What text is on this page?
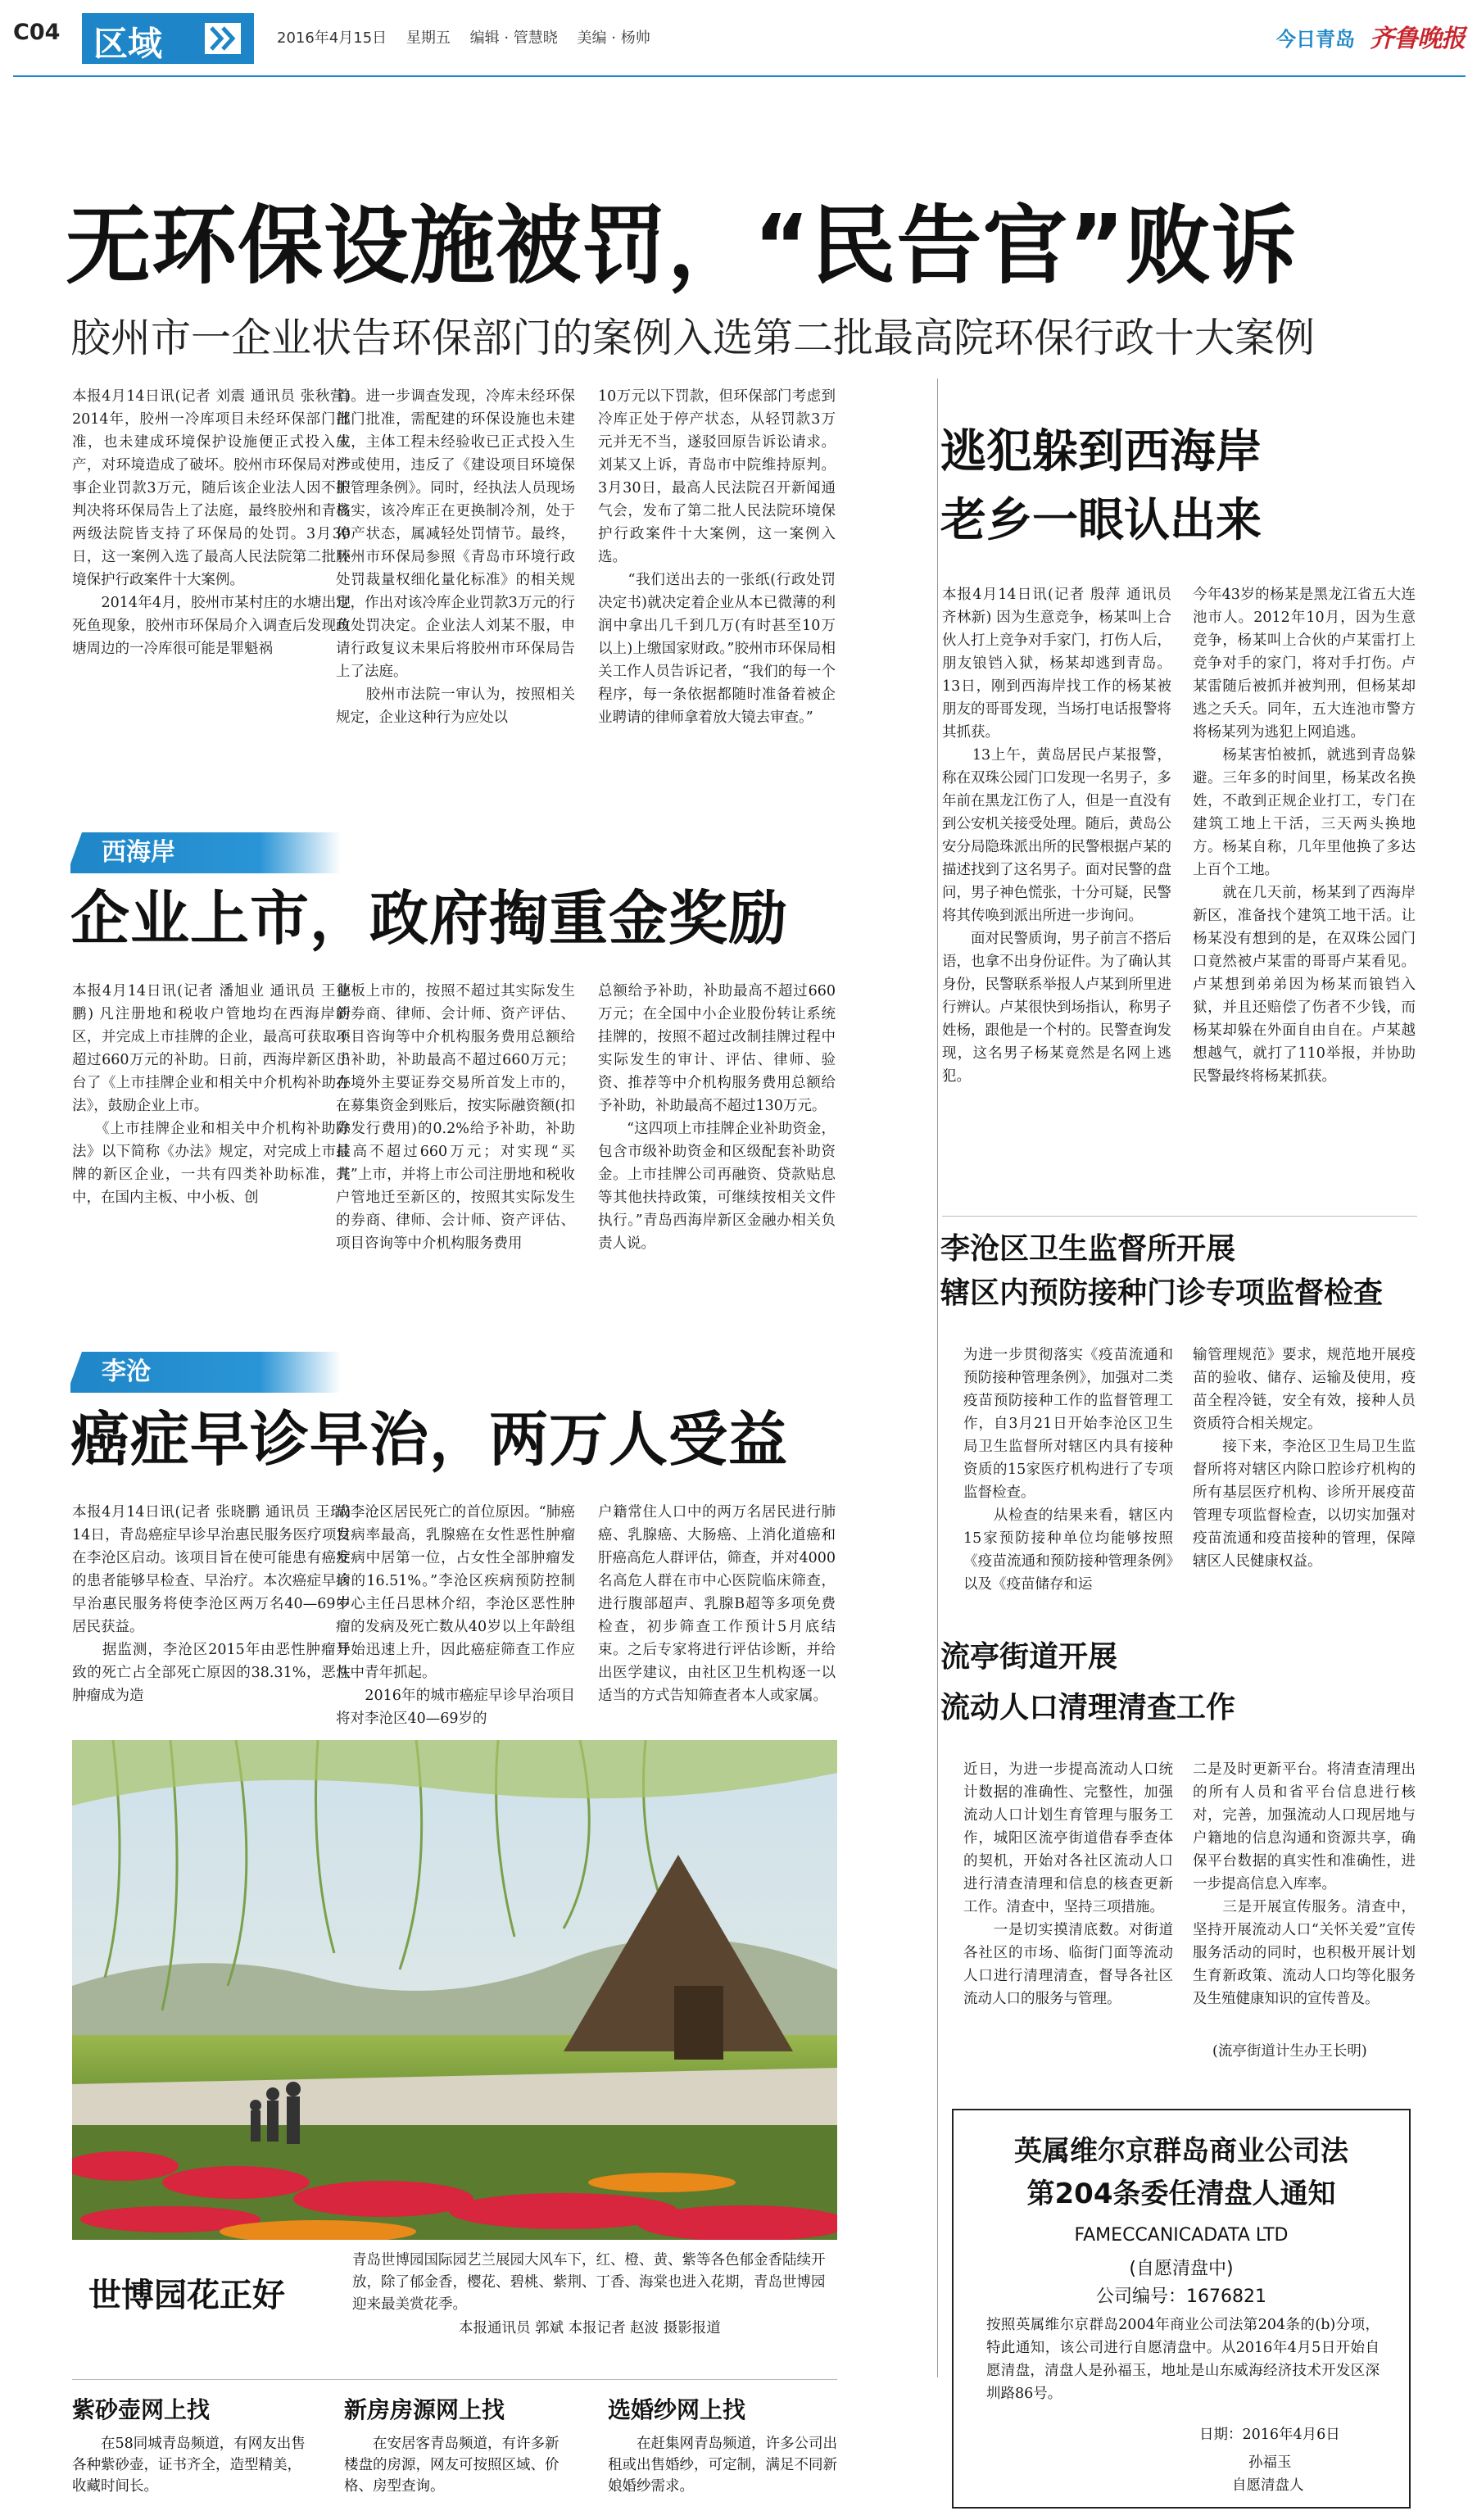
C04 区域	2016年4月15日 星期五 编辑 · 管慧晓 美编 · 杨帅	今日青岛 齐鲁晚报
无环保设施被罚，“民告官”败诉
胶州市一企业状告环保部门的案例入选第二批最高院环保行政十大案例
本报4月14日讯(记者 刘震 通讯员 张秋营) 2014年，胶州一冷库项目未经环保部门批准，也未建成环境保护设施便正式投入生产，对环境造成了破坏。胶州市环保局对涉事企业罚款3万元，随后该企业法人因不服判决将环保局告上了法庭，最终胶州和青岛两级法院皆支持了环保局的处罚。3月30日，这一案例入选了最高人民法院第二批环境保护行政案件十大案例。
　　2014年4月，胶州市某村庄的水塘出现死鱼现象，胶州市环保局介入调查后发现鱼塘周边的一冷库很可能是罪魁祸
首。进一步调查发现，冷库未经环保部门批准，需配建的环保设施也未建成，主体工程未经验收已正式投入生产或使用，违反了《建设项目环境保护管理条例》。同时，经执法人员现场核实，该冷库正在更换制冷剂，处于停产状态，属减轻处罚情节。最终，胶州市环保局参照《青岛市环境行政处罚裁量权细化量化标准》的相关规定，作出对该冷库企业罚款3万元的行政处罚决定。企业法人刘某不服，申请行政复议未果后将胶州市环保局告上了法庭。
　　胶州市法院一审认为，按照相关规定，企业这种行为应处以
10万元以下罚款，但环保部门考虑到冷库正处于停产状态，从轻罚款3万元并无不当，遂驳回原告诉讼请求。刘某又上诉，青岛市中院维持原判。3月30日，最高人民法院召开新闻通气会，发布了第二批人民法院环境保护行政案件十大案例，这一案例入选。
　　“我们送出去的一张纸(行政处罚决定书)就决定着企业从本已微薄的利润中拿出几千到几万(有时甚至10万以上)上缴国家财政。”胶州市环保局相关工作人员告诉记者，“我们的每一个程序，每一条依据都随时准备着被企业聘请的律师拿着放大镜去审查。”
西海岸
企业上市，政府掏重金奖励
本报4月14日讯(记者 潘旭业 通讯员 王德鹏) 凡注册地和税收户管地均在西海岸新区，并完成上市挂牌的企业，最高可获取不超过660万元的补助。日前，西海岸新区出台了《上市挂牌企业和相关中介机构补助办法》，鼓励企业上市。
　　《上市挂牌企业和相关中介机构补助办法》以下简称《办法》规定，对完成上市挂牌的新区企业，一共有四类补助标准，其中，在国内主板、中小板、创
业板上市的，按照不超过其实际发生的券商、律师、会计师、资产评估、项目咨询等中介机构服务费用总额给予补助，补助最高不超过660万元；在境外主要证券交易所首发上市的，在募集资金到账后，按实际融资额(扣除发行费用)的0.2%给予补助，补助最高不超过660万元；对实现“买壳”上市，并将上市公司注册地和税收户管地迁至新区的，按照其实际发生的券商、律师、会计师、资产评估、项目咨询等中介机构服务费用
总额给予补助，补助最高不超过660万元；在全国中小企业股份转让系统挂牌的，按照不超过改制挂牌过程中实际发生的审计、评估、律师、验资、推荐等中介机构服务费用总额给予补助，补助最高不超过130万元。
　　“这四项上市挂牌企业补助资金，包含市级补助资金和区级配套补助资金。上市挂牌公司再融资、贷款贴息等其他扶持政策，可继续按相关文件执行。”青岛西海岸新区金融办相关负责人说。
李沧
癌症早诊早治，两万人受益
本报4月14日讯(记者 张晓鹏 通讯员 王瑞) 14日，青岛癌症早诊早治惠民服务医疗项目在李沧区启动。该项目旨在使可能患有癌症的患者能够早检查、早治疗。本次癌症早诊早治惠民服务将使李沧区两万名40—69岁居民获益。
　　据监测，李沧区2015年由恶性肿瘤导致的死亡占全部死亡原因的38.31%，恶性肿瘤成为造
成李沧区居民死亡的首位原因。“肺癌发病率最高，乳腺癌在女性恶性肿瘤发病中居第一位，占女性全部肿瘤发病的16.51%。”李沧区疾病预防控制中心主任吕思林介绍，李沧区恶性肿瘤的发病及死亡数从40岁以上年龄组开始迅速上升，因此癌症筛查工作应从中青年抓起。
　　2016年的城市癌症早诊早治项目将对李沧区40—69岁的
户籍常住人口中的两万名居民进行肺癌、乳腺癌、大肠癌、上消化道癌和肝癌高危人群评估，筛查，并对4000名高危人群在市中心医院临床筛查，进行腹部超声、乳腺B超等多项免费检查，初步筛查工作预计5月底结束。之后专家将进行评估诊断，并给出医学建议，由社区卫生机构逐一以适当的方式告知筛查者本人或家属。
世博园花正好
青岛世博园国际园艺兰展园大风车下，红、橙、黄、紫等各色郁金香陆续开放，除了郁金香，樱花、碧桃、紫荆、丁香、海棠也进入花期，青岛世博园迎来最美赏花季。
本报通讯员 郭斌 本报记者 赵波 摄影报道
逃犯躲到西海岸
老乡一眼认出来
本报4月14日讯(记者 殷萍 通讯员 齐林新) 因为生意竞争，杨某叫上合伙人打上竞争对手家门，打伤人后，朋友锒铛入狱，杨某却逃到青岛。13日，刚到西海岸找工作的杨某被朋友的哥哥发现，当场打电话报警将其抓获。
　　13上午，黄岛居民卢某报警，称在双珠公园门口发现一名男子，多年前在黑龙江伤了人，但是一直没有到公安机关接受处理。随后，黄岛公安分局隐珠派出所的民警根据卢某的描述找到了这名男子。面对民警的盘问，男子神色慌张，十分可疑，民警将其传唤到派出所进一步询问。
　　面对民警质询，男子前言不搭后语，也拿不出身份证件。为了确认其身份，民警联系举报人卢某到所里进行辨认。卢某很快到场指认，称男子姓杨，跟他是一个村的。民警查询发现，这名男子杨某竟然是名网上逃犯。
今年43岁的杨某是黑龙江省五大连池市人。2012年10月，因为生意竞争，杨某叫上合伙的卢某雷打上竞争对手的家门，将对手打伤。卢某雷随后被抓并被判刑，但杨某却逃之夭夭。同年，五大连池市警方将杨某列为逃犯上网追逃。
　　杨某害怕被抓，就逃到青岛躲避。三年多的时间里，杨某改名换姓，不敢到正规企业打工，专门在建筑工地上干活，三天两头换地方。杨某自称，几年里他换了多达上百个工地。
　　就在几天前，杨某到了西海岸新区，准备找个建筑工地干活。让杨某没有想到的是，在双珠公园门口竟然被卢某雷的哥哥卢某看见。卢某想到弟弟因为杨某而锒铛入狱，并且还赔偿了伤者不少钱，而杨某却躲在外面自由自在。卢某越想越气，就打了110举报，并协助民警最终将杨某抓获。
李沧区卫生监督所开展
辖区内预防接种门诊专项监督检查
为进一步贯彻落实《疫苗流通和预防接种管理条例》，加强对二类疫苗预防接种工作的监督管理工作，自3月21日开始李沧区卫生局卫生监督所对辖区内具有接种资质的15家医疗机构进行了专项监督检查。
　　从检查的结果来看，辖区内15家预防接种单位均能够按照《疫苗流通和预防接种管理条例》以及《疫苗储存和运
输管理规范》要求，规范地开展疫苗的验收、储存、运输及使用，疫苗全程冷链，安全有效，接种人员资质符合相关规定。
　　接下来，李沧区卫生局卫生监督所将对辖区内除口腔诊疗机构的所有基层医疗机构、诊所开展疫苗管理专项监督检查，以切实加强对疫苗流通和疫苗接种的管理，保障辖区人民健康权益。
流亭街道开展
流动人口清理清查工作
近日，为进一步提高流动人口统计数据的准确性、完整性，加强流动人口计划生育管理与服务工作，城阳区流亭街道借春季查体的契机，开始对各社区流动人口进行清查清理和信息的核查更新工作。清查中，坚持三项措施。
　　一是切实摸清底数。对街道各社区的市场、临街门面等流动人口进行清理清查，督导各社区流动人口的服务与管理。
二是及时更新平台。将清查清理出的所有人员和省平台信息进行核对，完善，加强流动人口现居地与户籍地的信息沟通和资源共享，确保平台数据的真实性和准确性，进一步提高信息入库率。
　　三是开展宣传服务。清查中，坚持开展流动人口“关怀关爱”宣传服务活动的同时，也积极开展计划生育新政策、流动人口均等化服务及生殖健康知识的宣传普及。
(流亭街道计生办王长明)
英属维尔京群岛商业公司法
第204条委任清盘人通知
FAMECCANICADATA LTD
(自愿清盘中)
公司编号：1676821
按照英属维尔京群岛2004年商业公司法第204条的(b)分项，特此通知，该公司进行自愿清盘中。从2016年4月5日开始自愿清盘，清盘人是孙福玉，地址是山东威海经济技术开发区深圳路86号。
日期：2016年4月6日
孙福玉
自愿清盘人
紫砂壶网上找
在58同城青岛频道，有网友出售各种紫砂壶，证书齐全，造型精美，收藏时间长。
新房房源网上找
在安居客青岛频道，有许多新楼盘的房源，网友可按照区域、价格、房型查询。
选婚纱网上找
在赶集网青岛频道，许多公司出租或出售婚纱，可定制，满足不同新娘婚纱需求。
